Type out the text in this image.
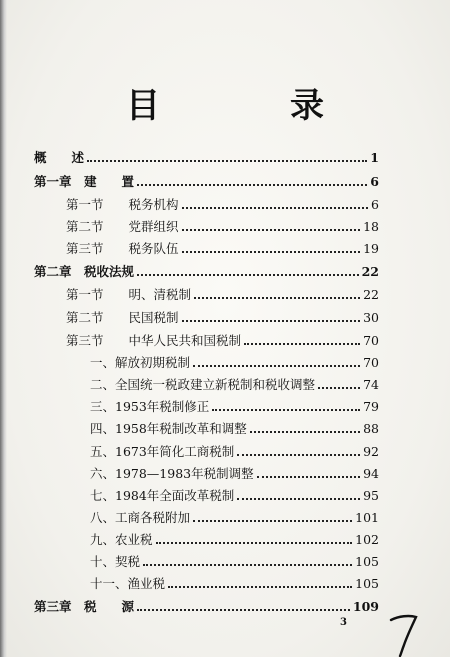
目　录
概　　述	1
第一章　建　　置	6
第一节　　税务机构	6
第二节　　党群组织	18
第三节　　税务队伍	19
第二章　税收法规	22
第一节　　明、清税制	22
第二节　　民国税制	30
第三节　　中华人民共和国税制	70
一、解放初期税制	70
二、全国统一税政建立新税制和税收调整	74
三、1953年税制修正	79
四、1958年税制改革和调整	88
五、1673年简化工商税制	92
六、1978—1983年税制调整	94
七、1984年全面改革税制	95
八、工商各税附加	101
九、农业税	102
十、契税	105
十一、渔业税	105
第三章　税　　源	109
3
